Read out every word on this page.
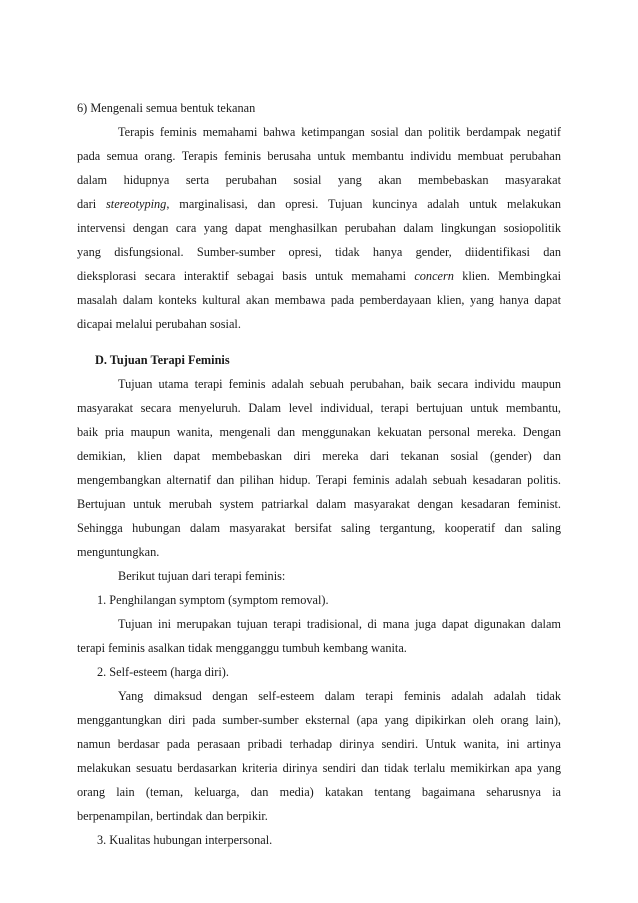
6) Mengenali semua bentuk tekanan
Terapis feminis memahami bahwa ketimpangan sosial dan politik berdampak negatif
pada semua orang. Terapis feminis berusaha untuk membantu individu membuat perubahan
dalam hidupnya serta perubahan sosial yang akan membebaskan masyarakat
dari stereotyping, marginalisasi, dan opresi. Tujuan kuncinya adalah untuk melakukan
intervensi dengan cara yang dapat menghasilkan perubahan dalam lingkungan sosiopolitik
yang disfungsional. Sumber-sumber opresi, tidak hanya gender, diidentifikasi dan
dieksplorasi secara interaktif sebagai basis untuk memahami concern klien. Membingkai
masalah dalam konteks kultural akan membawa pada pemberdayaan klien, yang hanya dapat
dicapai melalui perubahan sosial.
D. Tujuan Terapi Feminis
Tujuan utama terapi feminis adalah sebuah perubahan, baik secara individu maupun
masyarakat secara menyeluruh. Dalam level individual, terapi bertujuan untuk membantu,
baik pria maupun wanita, mengenali dan menggunakan kekuatan personal mereka. Dengan
demikian, klien dapat membebaskan diri mereka dari tekanan sosial (gender) dan
mengembangkan alternatif dan pilihan hidup. Terapi feminis adalah sebuah kesadaran politis.
Bertujuan untuk merubah system patriarkal dalam masyarakat dengan kesadaran feminist.
Sehingga hubungan dalam masyarakat bersifat saling tergantung, kooperatif dan saling
menguntungkan.
Berikut tujuan dari terapi feminis:
1. Penghilangan symptom (symptom removal).
Tujuan ini merupakan tujuan terapi tradisional, di mana juga dapat digunakan dalam
terapi feminis asalkan tidak mengganggu tumbuh kembang wanita.
2. Self-esteem (harga diri).
Yang dimaksud dengan self-esteem dalam terapi feminis adalah adalah tidak
menggantungkan diri pada sumber-sumber eksternal (apa yang dipikirkan oleh orang lain),
namun berdasar pada perasaan pribadi terhadap dirinya sendiri. Untuk wanita, ini artinya
melakukan sesuatu berdasarkan kriteria dirinya sendiri dan tidak terlalu memikirkan apa yang
orang lain (teman, keluarga, dan media) katakan tentang bagaimana seharusnya ia
berpenampilan, bertindak dan berpikir.
3. Kualitas hubungan interpersonal.
